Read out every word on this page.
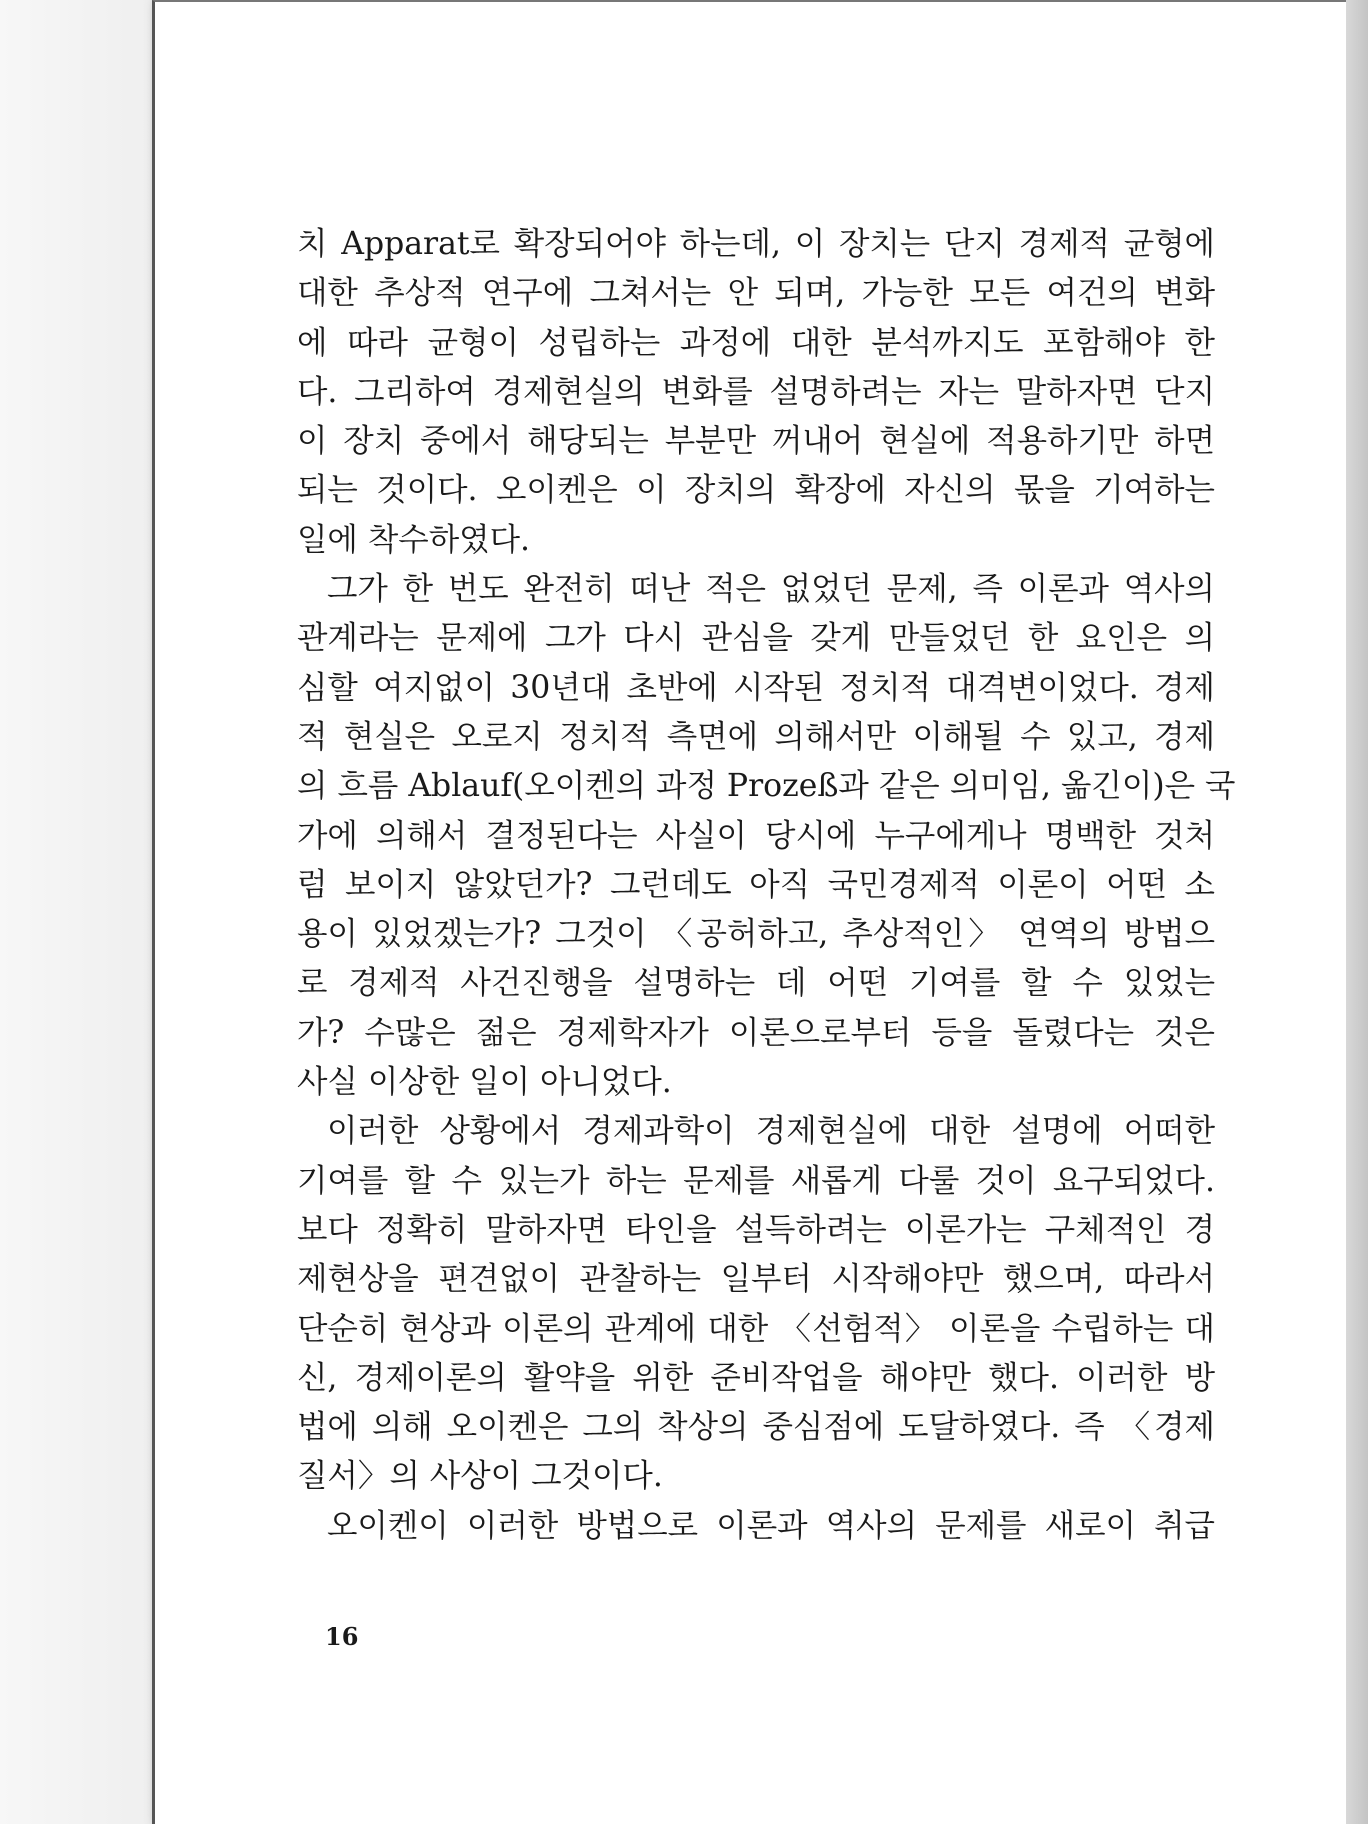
치 Apparat로 확장되어야 하는데, 이 장치는 단지 경제적 균형에
대한 추상적 연구에 그쳐서는 안 되며, 가능한 모든 여건의 변화
에 따라 균형이 성립하는 과정에 대한 분석까지도 포함해야 한
다. 그리하여 경제현실의 변화를 설명하려는 자는 말하자면 단지
이 장치 중에서 해당되는 부분만 꺼내어 현실에 적용하기만 하면
되는 것이다. 오이켄은 이 장치의 확장에 자신의 몫을 기여하는
일에 착수하였다.
그가 한 번도 완전히 떠난 적은 없었던 문제, 즉 이론과 역사의
관계라는 문제에 그가 다시 관심을 갖게 만들었던 한 요인은 의
심할 여지없이 30년대 초반에 시작된 정치적 대격변이었다. 경제
적 현실은 오로지 정치적 측면에 의해서만 이해될 수 있고, 경제
의 흐름 Ablauf(오이켄의 과정 Prozeß과 같은 의미임, 옮긴이)은 국
가에 의해서 결정된다는 사실이 당시에 누구에게나 명백한 것처
럼 보이지 않았던가? 그런데도 아직 국민경제적 이론이 어떤 소
용이 있었겠는가? 그것이 〈공허하고, 추상적인〉 연역의 방법으
로 경제적 사건진행을 설명하는 데 어떤 기여를 할 수 있었는
가? 수많은 젊은 경제학자가 이론으로부터 등을 돌렸다는 것은
사실 이상한 일이 아니었다.
이러한 상황에서 경제과학이 경제현실에 대한 설명에 어떠한
기여를 할 수 있는가 하는 문제를 새롭게 다룰 것이 요구되었다.
보다 정확히 말하자면 타인을 설득하려는 이론가는 구체적인 경
제현상을 편견없이 관찰하는 일부터 시작해야만 했으며, 따라서
단순히 현상과 이론의 관계에 대한 〈선험적〉 이론을 수립하는 대
신, 경제이론의 활약을 위한 준비작업을 해야만 했다. 이러한 방
법에 의해 오이켄은 그의 착상의 중심점에 도달하였다. 즉 〈경제
질서〉의 사상이 그것이다.
오이켄이 이러한 방법으로 이론과 역사의 문제를 새로이 취급
16
